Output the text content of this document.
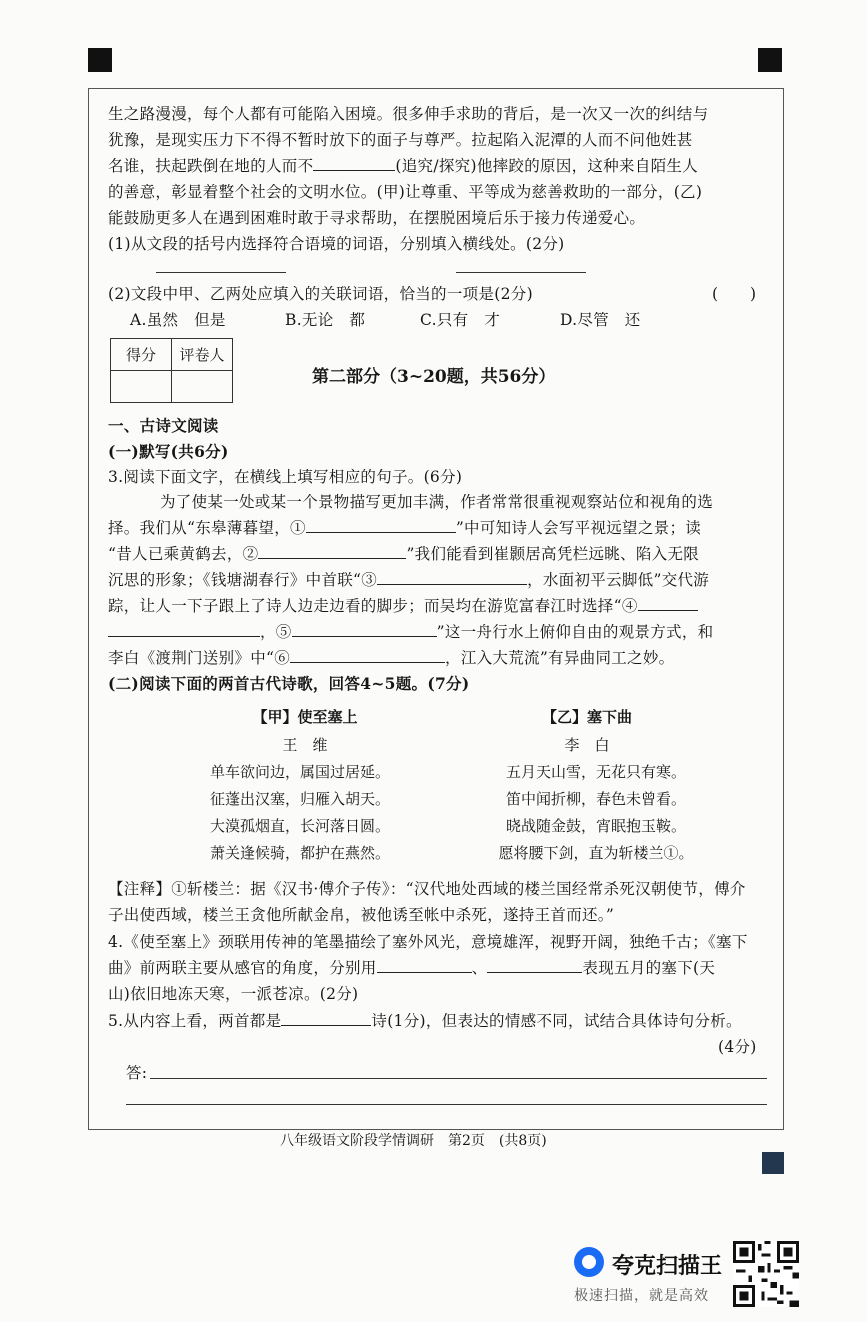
生之路漫漫，每个人都有可能陷入困境。很多伸手求助的背后，是一次又一次的纠结与
犹豫，是现实压力下不得不暂时放下的面子与尊严。拉起陷入泥潭的人而不问他姓甚
名谁，扶起跌倒在地的人而不	(追究/探究)他摔跤的原因，这种来自陌生人
的善意，彰显着整个社会的文明水位。(甲)让尊重、平等成为慈善救助的一部分，(乙)
能鼓励更多人在遇到困难时敢于寻求帮助，在摆脱困境后乐于接力传递爱心。
(1)从文段的括号内选择符合语境的词语，分别填入横线处。(2分)
(2)文段中甲、乙两处应填入的关联词语，恰当的一项是(2分)	(　　)
A.虽然　但是	B.无论　都	C.只有　才	D.尽管　还
得分	评卷人

第二部分（3~20题，共56分）
一、古诗文阅读
(一)默写(共6分)
3.阅读下面文字，在横线上填写相应的句子。(6分)
为了使某一处或某一个景物描写更加丰满，作者常常很重视观察站位和视角的选
择。我们从“东皋薄暮望，①	”中可知诗人会写平视远望之景；读
“昔人已乘黄鹤去，②	”我们能看到崔颢居高凭栏远眺、陷入无限
沉思的形象；《钱塘湖春行》中首联“③	，水面初平云脚低”交代游
踪，让人一下子跟上了诗人边走边看的脚步；而吴均在游览富春江时选择“④
，⑤	”这一舟行水上俯仰自由的观景方式，和
李白《渡荆门送别》中“⑥	，江入大荒流”有异曲同工之妙。
(二)阅读下面的两首古代诗歌，回答4~5题。(7分)
【甲】使至塞上
王　维
单车欲问边，属国过居延。
征蓬出汉塞，归雁入胡天。
大漠孤烟直，长河落日圆。
萧关逢候骑，都护在燕然。
【乙】塞下曲
李　白
五月天山雪，无花只有寒。
笛中闻折柳，春色未曾看。
晓战随金鼓，宵眠抱玉鞍。
愿将腰下剑，直为斩楼兰①。
【注释】①斩楼兰：据《汉书·傅介子传》：“汉代地处西域的楼兰国经常杀死汉朝使节，傅介
子出使西域，楼兰王贪他所献金帛，被他诱至帐中杀死，遂持王首而还。”
4.《使至塞上》颈联用传神的笔墨描绘了塞外风光，意境雄浑，视野开阔，独绝千古；《塞下
曲》前两联主要从感官的角度，分别用	、	表现五月的塞下(天
山)依旧地冻天寒，一派苍凉。(2分)
5.从内容上看，两首都是	诗(1分)，但表达的情感不同，试结合具体诗句分析。
(4分)
答:
八年级语文阶段学情调研　第2页　(共8页)
夸克扫描王
极速扫描，就是高效
